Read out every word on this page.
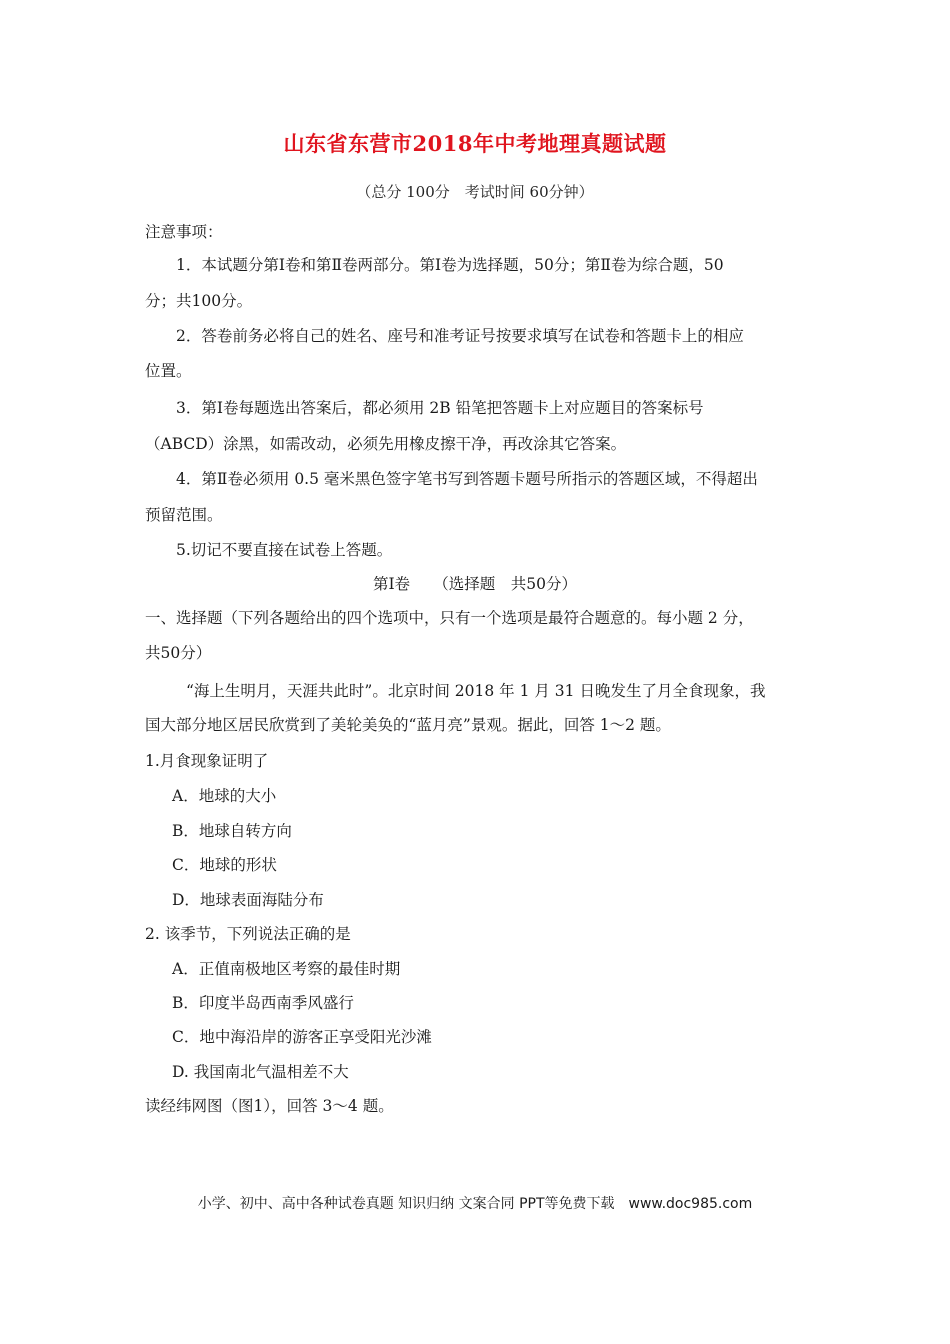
山东省东营市2018年中考地理真题试题
（总分 100分　考试时间 60分钟）
注意事项：
1．本试题分第Ⅰ卷和第Ⅱ卷两部分。第Ⅰ卷为选择题，50分；第Ⅱ卷为综合题，50
分；共100分。
2．答卷前务必将自己的姓名、座号和准考证号按要求填写在试卷和答题卡上的相应
位置。
3．第Ⅰ卷每题选出答案后，都必须用 2B 铅笔把答题卡上对应题目的答案标号
（ABCD）涂黑，如需改动，必须先用橡皮擦干净，再改涂其它答案。
4．第Ⅱ卷必须用 0.5 毫米黑色签字笔书写到答题卡题号所指示的答题区域，不得超出
预留范围。
5.切记不要直接在试卷上答题。
第Ⅰ卷　　（选择题　共50分）
一、选择题（下列各题给出的四个选项中，只有一个选项是最符合题意的。每小题 2 分，
共50分）
“海上生明月，天涯共此时”。北京时间 2018 年 1 月 31 日晚发生了月全食现象，我
国大部分地区居民欣赏到了美轮美奂的“蓝月亮”景观。据此，回答 1～2 题。
1.月食现象证明了
A．地球的大小
B．地球自转方向
C．地球的形状
D．地球表面海陆分布
2. 该季节，下列说法正确的是
A．正值南极地区考察的最佳时期
B．印度半岛西南季风盛行
C．地中海沿岸的游客正享受阳光沙滩
D. 我国南北气温相差不大
读经纬网图（图1），回答 3～4 题。
小学、初中、高中各种试卷真题 知识归纳 文案合同 PPT等免费下载　www.doc985.com
